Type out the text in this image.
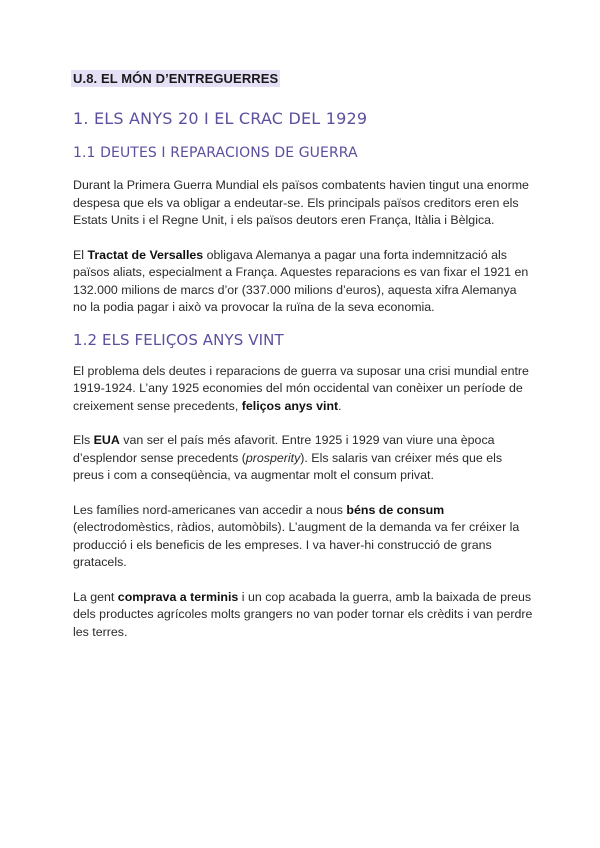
U.8. EL MÓN D’ENTREGUERRES
1. ELS ANYS 20 I EL CRAC DEL 1929
1.1 DEUTES I REPARACIONS DE GUERRA

Durant la Primera Guerra Mundial els països combatents havien tingut una enorme despesa que els va obligar a endeutar-se. Els principals països creditors eren els Estats Units i el Regne Unit, i els països deutors eren França, Itàlia i Bèlgica.

El Tractat de Versalles obligava Alemanya a pagar una forta indemnització als països aliats, especialment a França. Aquestes reparacions es van fixar el 1921 en 132.000 milions de marcs d’or (337.000 milions d’euros), aquesta xifra Alemanya no la podia pagar i això va provocar la ruïna de la seva economia.

1.2 ELS FELIÇOS ANYS VINT

El problema dels deutes i reparacions de guerra va suposar una crisi mundial entre 1919-1924. L’any 1925 economies del món occidental van conèixer un període de creixement sense precedents, feliços anys vint.

Els EUA van ser el país més afavorit. Entre 1925 i 1929 van viure una època d’esplendor sense precedents (prosperity). Els salaris van créixer més que els preus i com a conseqüència, va augmentar molt el consum privat.

Les famílies nord-americanes van accedir a nous béns de consum (electrodomèstics, ràdios, automòbils). L’augment de la demanda va fer créixer la producció i els beneficis de les empreses. I va haver-hi construcció de grans gratacels.

La gent comprava a terminis i un cop acabada la guerra, amb la baixada de preus dels productes agrícoles molts grangers no van poder tornar els crèdits i van perdre les terres.
